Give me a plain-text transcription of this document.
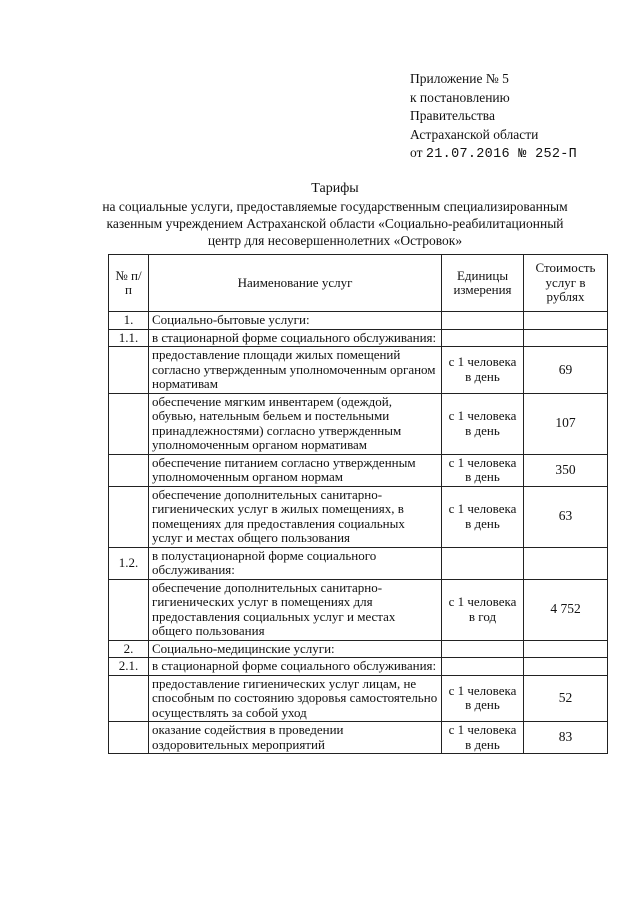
Приложение № 5
к постановлению
Правительства
Астраханской области
от 21.07.2016 № 252-П
Тарифы
на социальные услуги, предоставляемые государственным специализированным
казенным учреждением Астраханской области «Социально-реабилитационный
центр для несовершеннолетних «Островок»
№ п/п	Наименование услуг	Единицы измерения	Стоимость услуг в рублях
1.	Социально-бытовые услуги:		
1.1.	в стационарной форме социального обслуживания:		
	предоставление площади жилых помещений согласно утвержденным уполномоченным органом нормативам	с 1 человека в день	69
	обеспечение мягким инвентарем (одеждой, обувью, нательным бельем и постельными принадлежностями) согласно утвержденным уполномоченным органом нормативам	с 1 человека в день	107
	обеспечение питанием согласно утвержденным уполномоченным органом нормам	с 1 человека в день	350
	обеспечение дополнительных санитарно-гигиенических услуг в жилых помещениях, в помещениях для предоставления социальных услуг и местах общего пользования	с 1 человека в день	63
1.2.	в полустационарной форме социального обслуживания:		
	обеспечение дополнительных санитарно-гигиенических услуг в помещениях для предоставления социальных услуг и местах общего пользования	с 1 человека в год	4 752
2.	Социально-медицинские услуги:		
2.1.	в стационарной форме социального обслуживания:		
	предоставление гигиенических услуг лицам, не способным по состоянию здоровья самостоятельно осуществлять за собой уход	с 1 человека в день	52
	оказание содействия в проведении оздоровительных мероприятий	с 1 человека в день	83
